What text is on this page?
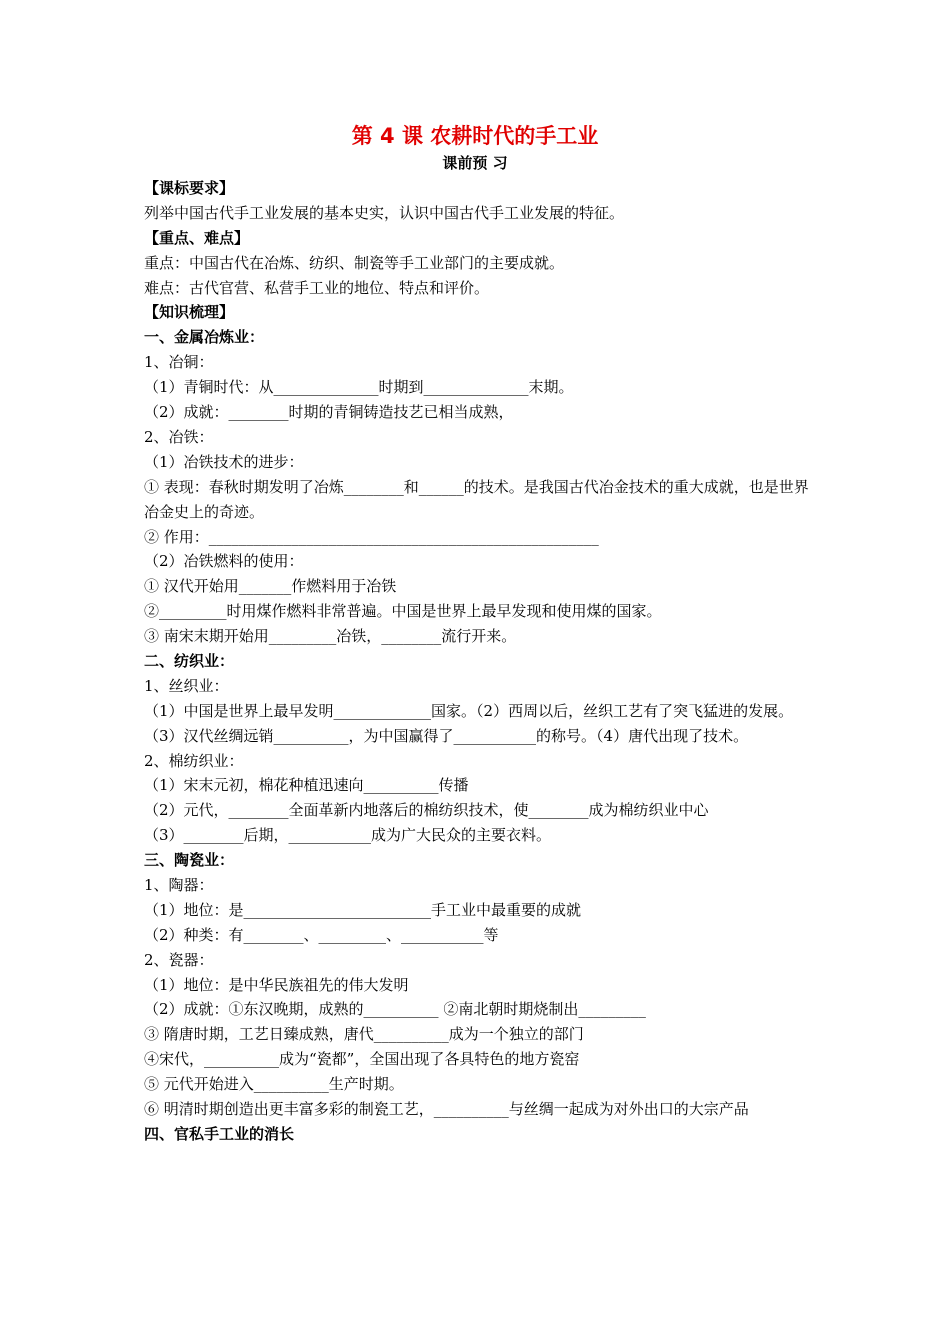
第 4 课 农耕时代的手工业
课前预 习
【课标要求】
列举中国古代手工业发展的基本史实，认识中国古代手工业发展的特征。
【重点、难点】
重点：中国古代在冶炼、纺织、制瓷等手工业部门的主要成就。
难点：古代官营、私营手工业的地位、特点和评价。
【知识梳理】
一、金属冶炼业：
1、冶铜：
（1）青铜时代：从______________时期到______________末期。
（2）成就：________时期的青铜铸造技艺已相当成熟，
2、冶铁：
（1）冶铁技术的进步：
① 表现：春秋时期发明了冶炼________和______的技术。是我国古代冶金技术的重大成就，也是世界冶金史上的奇迹。
② 作用：____________________________________________________
（2）冶铁燃料的使用：
① 汉代开始用_______作燃料用于冶铁
②_________时用煤作燃料非常普遍。中国是世界上最早发现和使用煤的国家。
③ 南宋末期开始用_________冶铁，________流行开来。
二、纺织业：
1、丝织业：
（1）中国是世界上最早发明_____________国家。（2）西周以后，丝织工艺有了突飞猛进的发展。
（3）汉代丝绸远销__________，为中国赢得了___________的称号。（4）唐代出现了技术。
2、棉纺织业：
（1）宋末元初，棉花种植迅速向__________传播
（2）元代，________全面革新内地落后的棉纺织技术，使________成为棉纺织业中心
（3）________后期，___________成为广大民众的主要衣料。
三、陶瓷业：
1、陶器：
（1）地位：是_________________________手工业中最重要的成就
（2）种类：有________、_________、___________等
2、瓷器：
（1）地位：是中华民族祖先的伟大发明
（2）成就：①东汉晚期，成熟的__________ ②南北朝时期烧制出_________
③ 隋唐时期，工艺日臻成熟，唐代__________成为一个独立的部门
④宋代，__________成为“瓷都”，全国出现了各具特色的地方瓷窑
⑤ 元代开始进入__________生产时期。
⑥ 明清时期创造出更丰富多彩的制瓷工艺，__________与丝绸一起成为对外出口的大宗产品
四、官私手工业的消长
